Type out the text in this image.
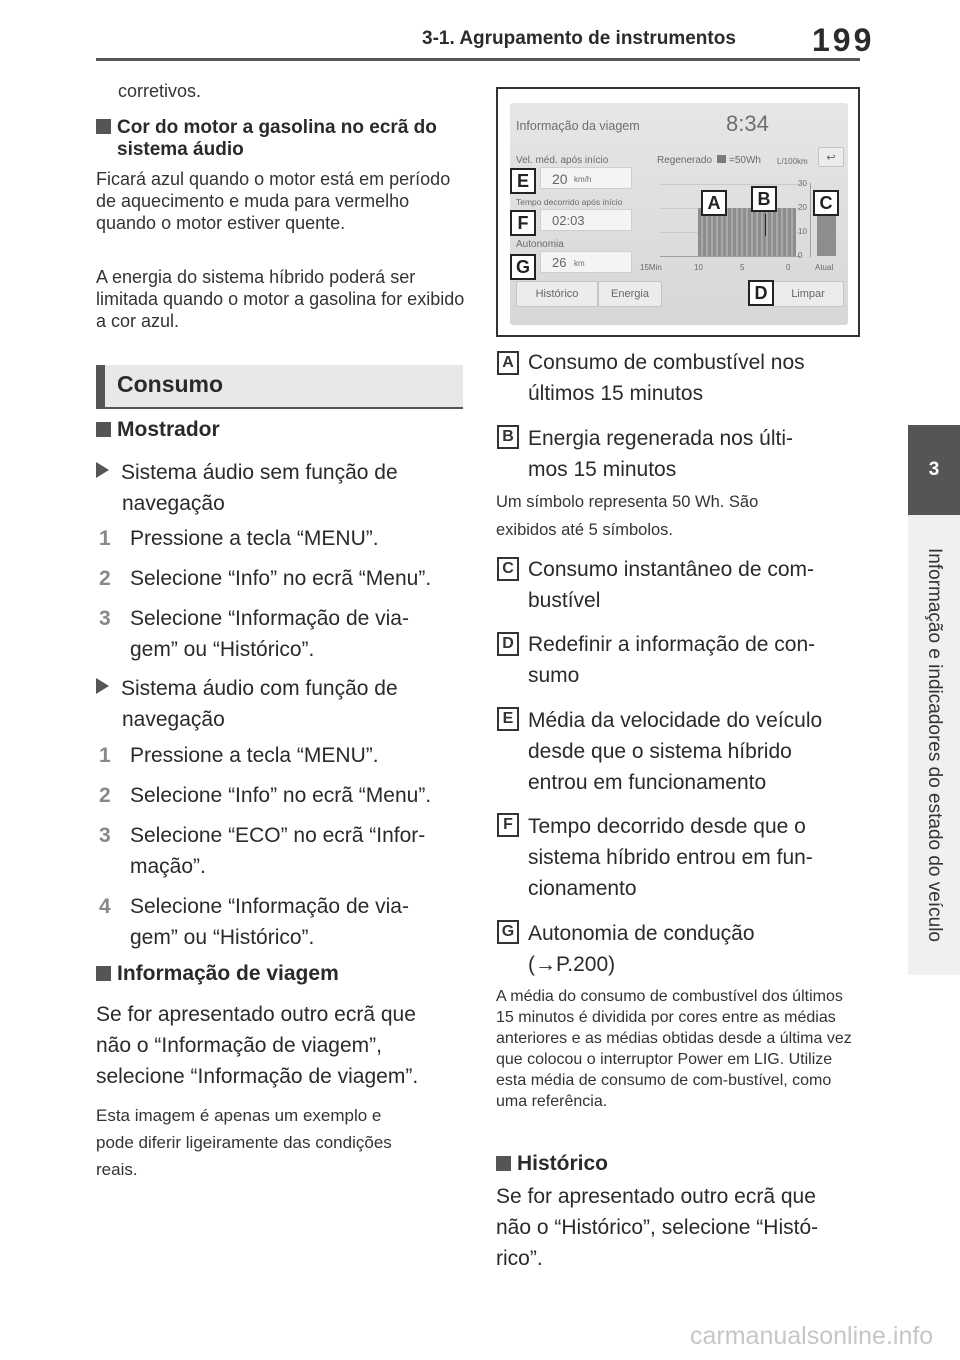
3-1. Agrupamento de instrumentos 199
3
Informação e indicadores do estado do veículo
corretivos.
Cor do motor a gasolina no ecrã do
sistema áudio
Ficará azul quando o motor está em período de aquecimento e muda para vermelho quando o motor estiver quente.
A energia do sistema híbrido poderá ser limitada quando o motor a gasolina for exibido a cor azul.
Consumo
Mostrador
Sistema áudio sem função de
navegação
1 Pressione a tecla “MENU”.
2 Selecione “Info” no ecrã “Menu”.
3 Selecione “Informação de via-
gem” ou “Histórico”.
Sistema áudio com função de
navegação
1 Pressione a tecla “MENU”.
2 Selecione “Info” no ecrã “Menu”.
3 Selecione “ECO” no ecrã “Infor-
mação”.
4 Selecione “Informação de via-
gem” ou “Histórico”.
Informação de viagem
Se for apresentado outro ecrã que
não o “Informação de viagem”,
selecione “Informação de viagem”.
Esta imagem é apenas um exemplo e
pode diferir ligeiramente das condições
reais.
Informação da viagem	8:34
Vel. méd. após início	Regenerado =50Wh L/100km	↩
20 km/h
Tempo decorrido após início
02:03
Autonomia
26 km
30
20
10
0
15Min	10	5	0	Atual
Histórico	Energia	Limpar
E
F
G
A	B	C
D
A Consumo de combustível nos
últimos 15 minutos
B Energia regenerada nos últi-
mos 15 minutos
Um símbolo representa 50 Wh. São
exibidos até 5 símbolos.
C Consumo instantâneo de com-
bustível
D Redefinir a informação de con-
sumo
E Média da velocidade do veículo
desde que o sistema híbrido
entrou em funcionamento
F Tempo decorrido desde que o
sistema híbrido entrou em fun-
cionamento
G Autonomia de condução
(→P.200)
A média do consumo de combustível dos últimos 15 minutos é dividida por cores entre as médias anteriores e as médias obtidas desde a última vez que colocou o interruptor Power em LIG. Utilize esta média de consumo de com-bustível, como uma referência.
Histórico
Se for apresentado outro ecrã que
não o “Histórico”, selecione “Histó-
rico”.
carmanualsonline.info
